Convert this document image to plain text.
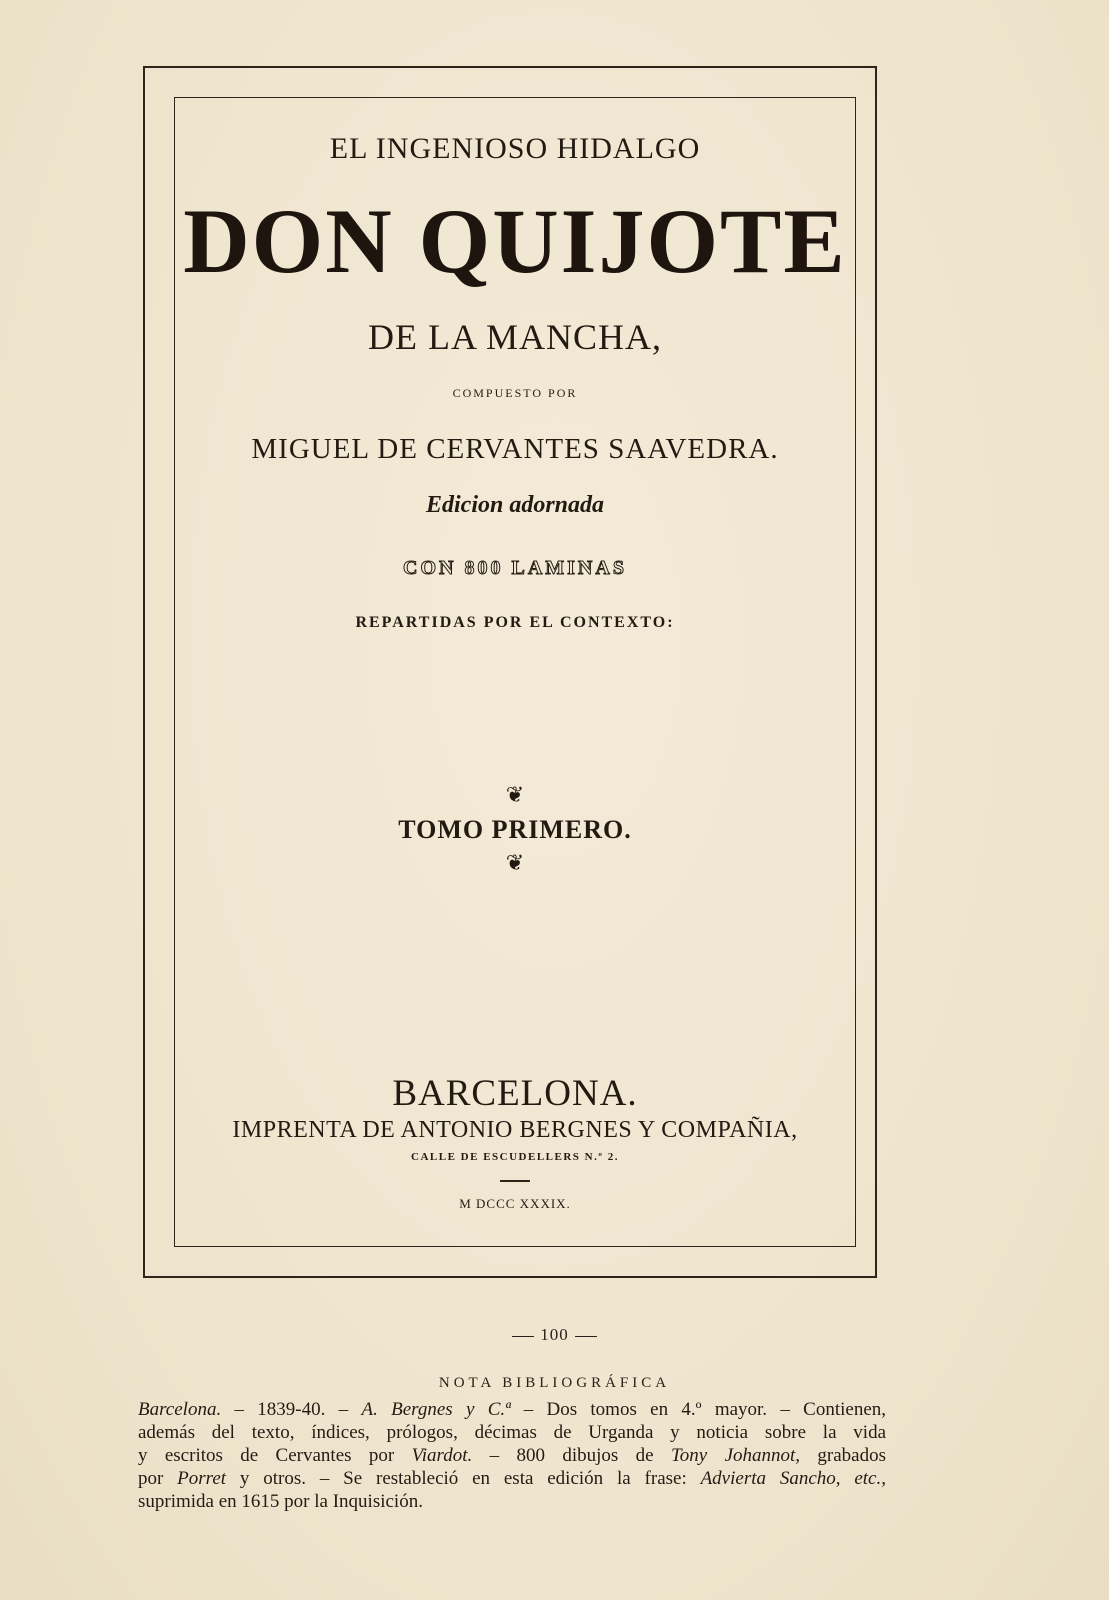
EL INGENIOSO HIDALGO
DON QUIJOTE
DE LA MANCHA,
COMPUESTO POR
MIGUEL DE CERVANTES SAAVEDRA.
Edicion adornada
CON 800 LAMINAS
REPARTIDAS POR EL CONTEXTO:
❦
TOMO PRIMERO.
❦
BARCELONA.
IMPRENTA DE ANTONIO BERGNES Y COMPAÑIA,
CALLE DE ESCUDELLERS N.º 2.
M DCCC XXXIX.
100
NOTA BIBLIOGRÁFICA
Barcelona. – 1839-40. – A. Bergnes y C.ª – Dos tomos en 4.º mayor. – Contienen,
además del texto, índices, prólogos, décimas de Urganda y noticia sobre la vida
y escritos de Cervantes por Viardot. – 800 dibujos de Tony Johannot, grabados
por Porret y otros. – Se restableció en esta edición la frase: Advierta Sancho, etc.,
suprimida en 1615 por la Inquisición.
